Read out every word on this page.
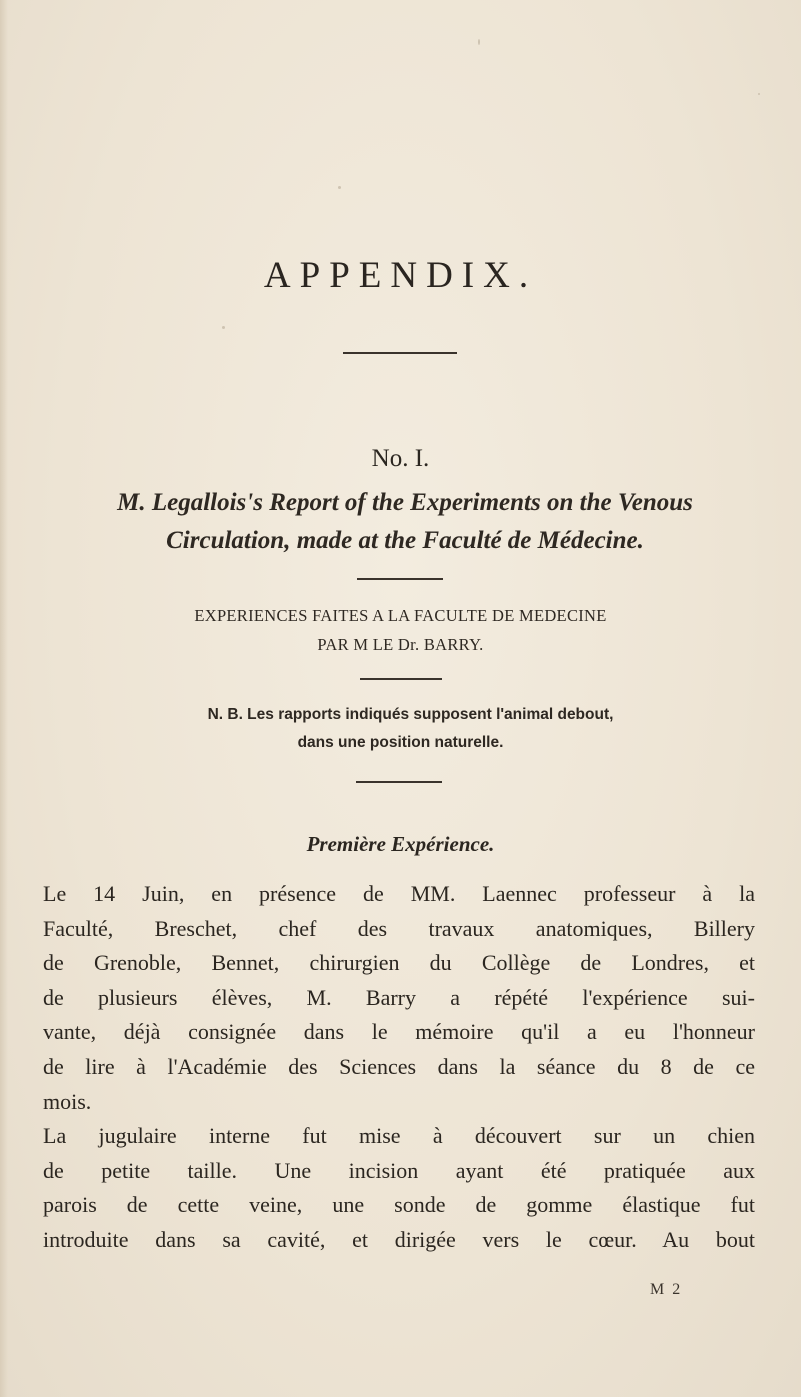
APPENDIX.
No. I.
M. Legallois's Report of the Experiments on the Venous
Circulation, made at the Faculté de Médecine.
EXPERIENCES FAITES A LA FACULTE DE MEDECINE
PAR M LE Dr. BARRY.
N. B. Les rapports indiqués supposent l'animal debout,
dans une position naturelle.
Première Expérience.
Le 14 Juin, en présence de MM. Laennec professeur à la
Faculté, Breschet, chef des travaux anatomiques, Billery
de Grenoble, Bennet, chirurgien du Collège de Londres, et
de plusieurs élèves, M. Barry a répété l'expérience sui-
vante, déjà consignée dans le mémoire qu'il a eu l'honneur
de lire à l'Académie des Sciences dans la séance du 8 de ce
mois.
La jugulaire interne fut mise à découvert sur un chien
de petite taille. Une incision ayant été pratiquée aux
parois de cette veine, une sonde de gomme élastique fut
introduite dans sa cavité, et dirigée vers le cœur. Au bout
M 2
